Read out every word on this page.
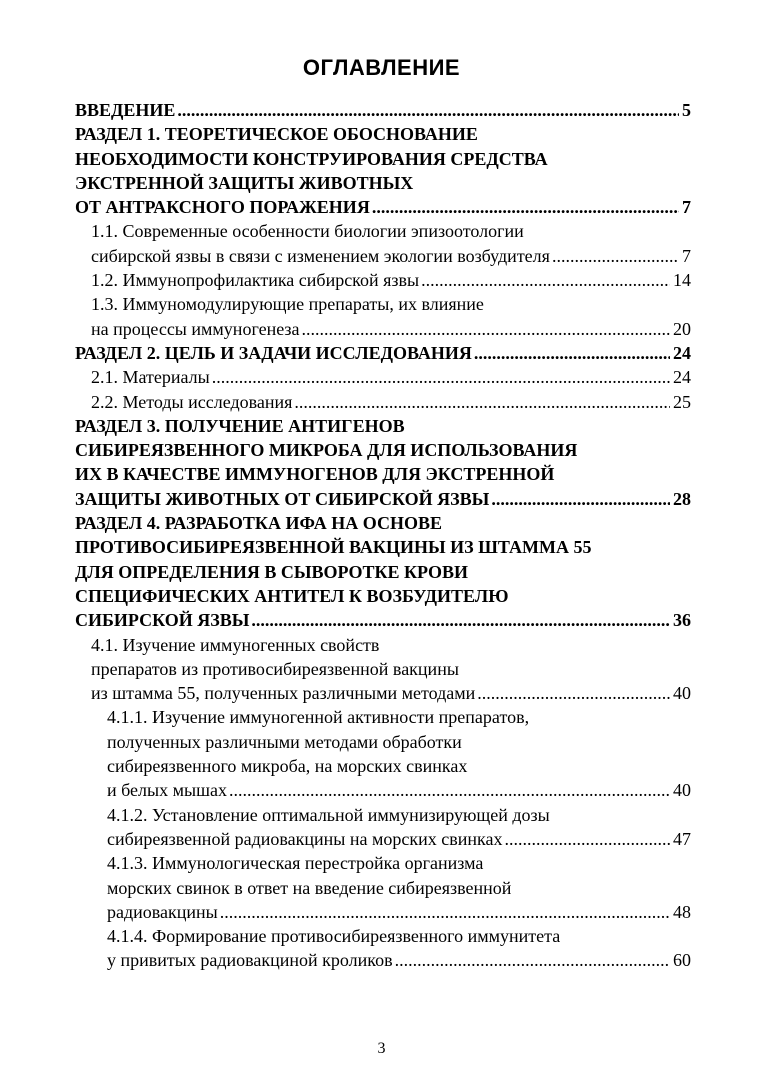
ОГЛАВЛЕНИЕ
ВВЕДЕНИЕ .....	5
РАЗДЕЛ 1. ТЕОРЕТИЧЕСКОЕ ОБОСНОВАНИЕ
НЕОБХОДИМОСТИ КОНСТРУИРОВАНИЯ СРЕДСТВА
ЭКСТРЕННОЙ ЗАЩИТЫ ЖИВОТНЫХ
ОТ АНТРАКСНОГО ПОРАЖЕНИЯ .....	7
1.1. Современные особенности биологии эпизоотологии
сибирской язвы в связи с изменением экологии возбудителя .....	7
1.2. Иммунопрофилактика сибирской язвы .....	14
1.3. Иммуномодулирующие препараты, их влияние
на процессы иммуногенеза .....	20
РАЗДЕЛ 2. ЦЕЛЬ И ЗАДАЧИ ИССЛЕДОВАНИЯ .....	24
2.1. Материалы .....	24
2.2. Методы исследования .....	25
РАЗДЕЛ 3. ПОЛУЧЕНИЕ АНТИГЕНОВ
СИБИРЕЯЗВЕННОГО МИКРОБА ДЛЯ ИСПОЛЬЗОВАНИЯ
ИХ В КАЧЕСТВЕ ИММУНОГЕНОВ ДЛЯ ЭКСТРЕННОЙ
ЗАЩИТЫ ЖИВОТНЫХ ОТ СИБИРСКОЙ ЯЗВЫ .....	28
РАЗДЕЛ 4. РАЗРАБОТКА ИФА НА ОСНОВЕ
ПРОТИВОСИБИРЕЯЗВЕННОЙ ВАКЦИНЫ ИЗ ШТАММА 55
ДЛЯ ОПРЕДЕЛЕНИЯ В СЫВОРОТКЕ КРОВИ
СПЕЦИФИЧЕСКИХ АНТИТЕЛ К ВОЗБУДИТЕЛЮ
СИБИРСКОЙ ЯЗВЫ .....	36
4.1. Изучение иммуногенных свойств
препаратов из противосибиреязвенной вакцины
из штамма 55, полученных различными методами .....	40
4.1.1. Изучение иммуногенной активности препаратов,
полученных различными методами обработки
сибиреязвенного микроба, на морских свинках
и белых мышах .....	40
4.1.2. Установление оптимальной иммунизирующей дозы
сибиреязвенной радиовакцины на морских свинках .....	47
4.1.3. Иммунологическая перестройка организма
морских свинок в ответ на введение сибиреязвенной
радиовакцины .....	48
4.1.4. Формирование противосибиреязвенного иммунитета
у привитых радиовакциной кроликов .....	60
3
